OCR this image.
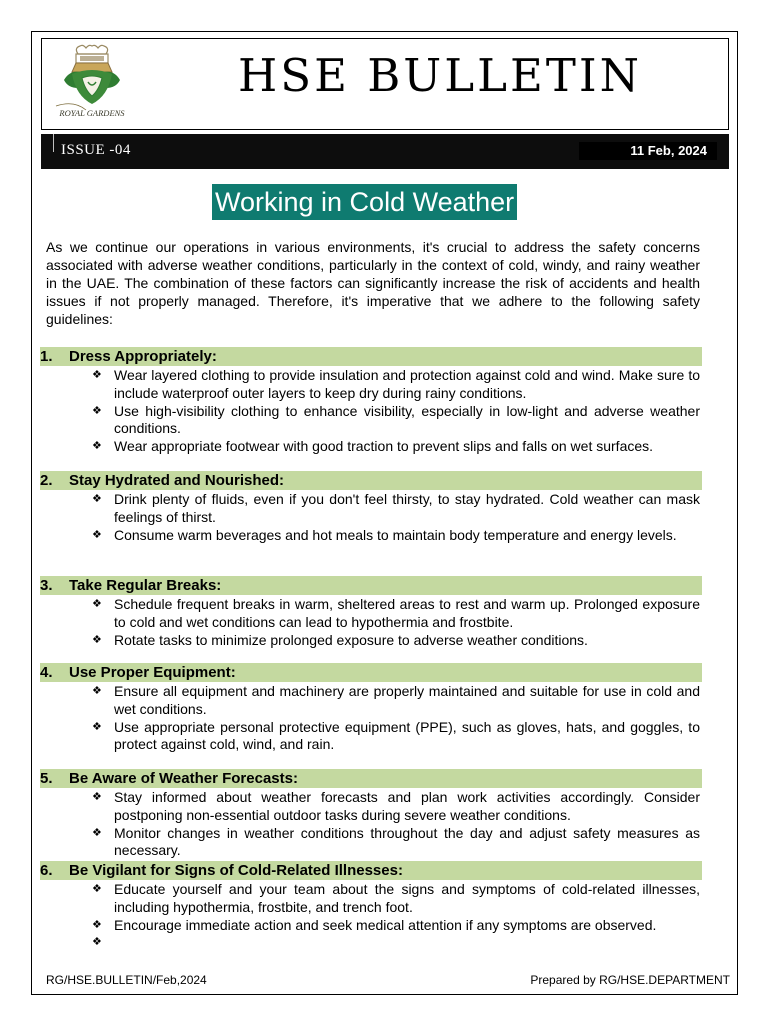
ROYAL GARDENS
HSE BULLETIN
ISSUE -04	11 Feb, 2024
Working in Cold Weather

As we continue our operations in various environments, it's crucial to address the safety concerns associated with adverse weather conditions, particularly in the context of cold, windy, and rainy weather in the UAE. The combination of these factors can significantly increase the risk of accidents and health issues if not properly managed. Therefore, it's imperative that we adhere to the following safety guidelines:

1. Dress Appropriately:
❖ Wear layered clothing to provide insulation and protection against cold and wind. Make sure to include waterproof outer layers to keep dry during rainy conditions.
❖ Use high-visibility clothing to enhance visibility, especially in low-light and adverse weather conditions.
❖ Wear appropriate footwear with good traction to prevent slips and falls on wet surfaces.
2. Stay Hydrated and Nourished:
❖ Drink plenty of fluids, even if you don't feel thirsty, to stay hydrated. Cold weather can mask feelings of thirst.
❖ Consume warm beverages and hot meals to maintain body temperature and energy levels.
3. Take Regular Breaks:
❖ Schedule frequent breaks in warm, sheltered areas to rest and warm up. Prolonged exposure to cold and wet conditions can lead to hypothermia and frostbite.
❖ Rotate tasks to minimize prolonged exposure to adverse weather conditions.
4. Use Proper Equipment:
❖ Ensure all equipment and machinery are properly maintained and suitable for use in cold and wet conditions.
❖ Use appropriate personal protective equipment (PPE), such as gloves, hats, and goggles, to protect against cold, wind, and rain.
5. Be Aware of Weather Forecasts:
❖ Stay informed about weather forecasts and plan work activities accordingly. Consider postponing non-essential outdoor tasks during severe weather conditions.
❖ Monitor changes in weather conditions throughout the day and adjust safety measures as necessary.
6. Be Vigilant for Signs of Cold-Related Illnesses:
❖ Educate yourself and your team about the signs and symptoms of cold-related illnesses, including hypothermia, frostbite, and trench foot.
❖ Encourage immediate action and seek medical attention if any symptoms are observed.
❖

RG/HSE.BULLETIN/Feb,2024	Prepared by RG/HSE.DEPARTMENT
